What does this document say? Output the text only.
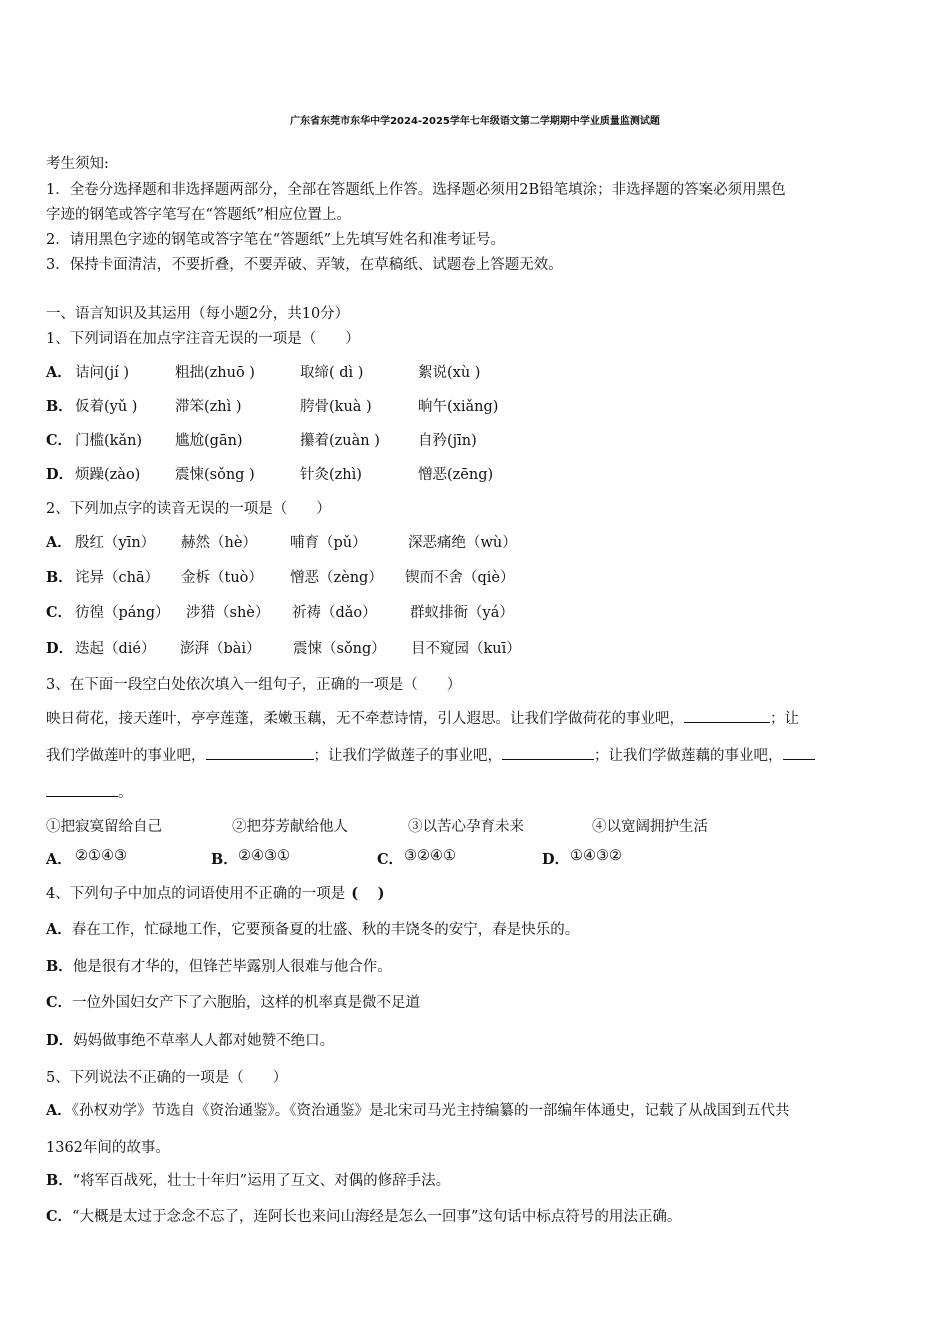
广东省东莞市东华中学2024-2025学年七年级语文第二学期期中学业质量监测试题
考生须知:
1．全卷分选择题和非选择题两部分，全部在答题纸上作答。选择题必须用2B铅笔填涂；非选择题的答案必须用黑色
字迹的钢笔或答字笔写在“答题纸”相应位置上。
2．请用黑色字迹的钢笔或答字笔在“答题纸”上先填写姓名和准考证号。
3．保持卡面清洁，不要折叠，不要弄破、弄皱，在草稿纸、试题卷上答题无效。
一、语言知识及其运用（每小题2分，共10分）
1、下列词语在加点字注音无误的一项是（　　）
A． 诘问(jí )	粗拙(zhuō )	取缔( dì )	絮说(xù )
B． 仮着(yǔ )	滞笨(zhì )	胯骨(kuà )	晌午(xiǎng)
C． 门槛(kǎn) 尴尬(gān)	攥着(zuàn )	自矜(jīn)
D． 烦躁(zào) 震悚(sǒng )	针灸(zhì)	憎恶(zēng)
2、下列加点字的读音无误的一项是（　　）
A． 殷红（yīn） 赫然（hè） 哺育（pǔ）	深恶痛绝（wù）
B． 诧异（chā） 金柝（tuò） 憎恶（zèng） 锲而不舍（qiè）
C． 彷徨（páng） 涉猎（shè） 祈祷（dǎo） 群蚁排衙（yá）
D． 迭起（dié） 澎湃（bài） 震悚（sǒng） 目不窥园（kuī）
3、在下面一段空白处依次填入一组句子，正确的一项是（　　）
映日荷花，接天莲叶，亭亭莲蓬，柔嫩玉藕，无不牵惹诗情，引人遐思。让我们学做荷花的事业吧，	；让
我们学做莲叶的事业吧，	；让我们学做莲子的事业吧，	；让我们学做莲藕的事业吧，
。
①把寂寞留给自己	②把芬芳献给他人	③以苦心孕育未来	④以宽阔拥护生活
A． ②①④③	B． ②④③①	C． ③②④①	D． ①④③②
4、下列句子中加点的词语使用不正确的一项是 (　 )
A．春在工作，忙碌地工作，它要预备夏的壮盛、秋的丰饶冬的安宁，春是快乐的。
B．他是很有才华的，但锋芒毕露别人很难与他合作。
C．一位外国妇女产下了六胞胎，这样的机率真是微不足道
D．妈妈做事绝不草率人人都对她赞不绝口。
5、下列说法不正确的一项是（　　）
A．《孙权劝学》节选自《资治通鉴》。《资治通鉴》是北宋司马光主持编纂的一部编年体通史，记载了从战国到五代共
1362年间的故事。
B．“将军百战死，壮士十年归”运用了互文、对偶的修辞手法。
C．“大概是太过于念念不忘了，连阿长也来问山海经是怎么一回事”这句话中标点符号的用法正确。
